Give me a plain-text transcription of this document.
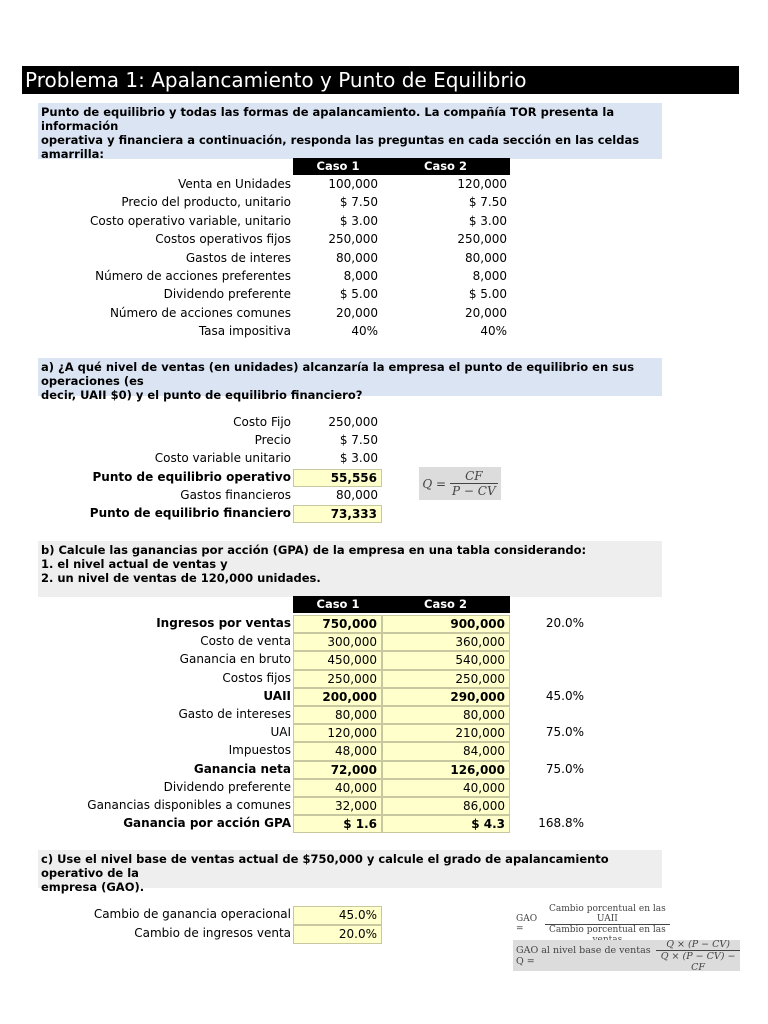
Problema 1: Apalancamiento y Punto de Equilibrio
Punto de equilibrio y todas las formas de apalancamiento. La compañía TOR presenta la información
operativa y financiera a continuación, responda las preguntas en cada sección en las celdas amarrilla:
Caso 1	Caso 2
Venta en Unidades	100,000	120,000
Precio del producto, unitario	$ 7.50	$ 7.50
Costo operativo variable, unitario	$ 3.00	$ 3.00
Costos operativos fijos	250,000	250,000
Gastos de interes	80,000	80,000
Número de acciones preferentes	8,000	8,000
Dividendo preferente	$ 5.00	$ 5.00
Número de acciones comunes	20,000	20,000
Tasa impositiva	40%	40%
a) ¿A qué nivel de ventas (en unidades) alcanzaría la empresa el punto de equilibrio en sus operaciones (es
decir, UAII $0) y el punto de equilibrio financiero?
Costo Fijo	250,000
Precio	$ 7.50
Costo variable unitario	$ 3.00
Punto de equilibrio operativo	55,556
Gastos financieros	80,000
Punto de equilibrio financiero	73,333
$Q = \frac{CF}{P - CV}$
b) Calcule las ganancias por acción (GPA) de la empresa en una tabla considerando:
1. el nivel actual de ventas y
2. un nivel de ventas de 120,000 unidades.
Caso 1	Caso 2
Ingresos por ventas	750,000	900,000	20.0%
Costo de venta	300,000	360,000
Ganancia en bruto	450,000	540,000
Costos fijos	250,000	250,000
UAII	200,000	290,000	45.0%
Gasto de intereses	80,000	80,000
UAI	120,000	210,000	75.0%
Impuestos	48,000	84,000
Ganancia neta	72,000	126,000	75.0%
Dividendo preferente	40,000	40,000
Ganancias disponibles a comunes	32,000	86,000
Ganancia por acción GPA	$ 1.6	$ 4.3	168.8%
c) Use el nivel base de ventas actual de $750,000 y calcule el grado de apalancamiento operativo de la
empresa (GAO).
Cambio de ganancia operacional	45.0%
Cambio de ingresos venta	20.0%
GAO =	$\frac{\text{Cambio porcentual en las UAII}}{\text{Cambio porcentual en las}}$
GAO al nivel base de ventas Q =	$\frac{Q \times (P - CV)}{Q \times (P - CV) - CF}$
